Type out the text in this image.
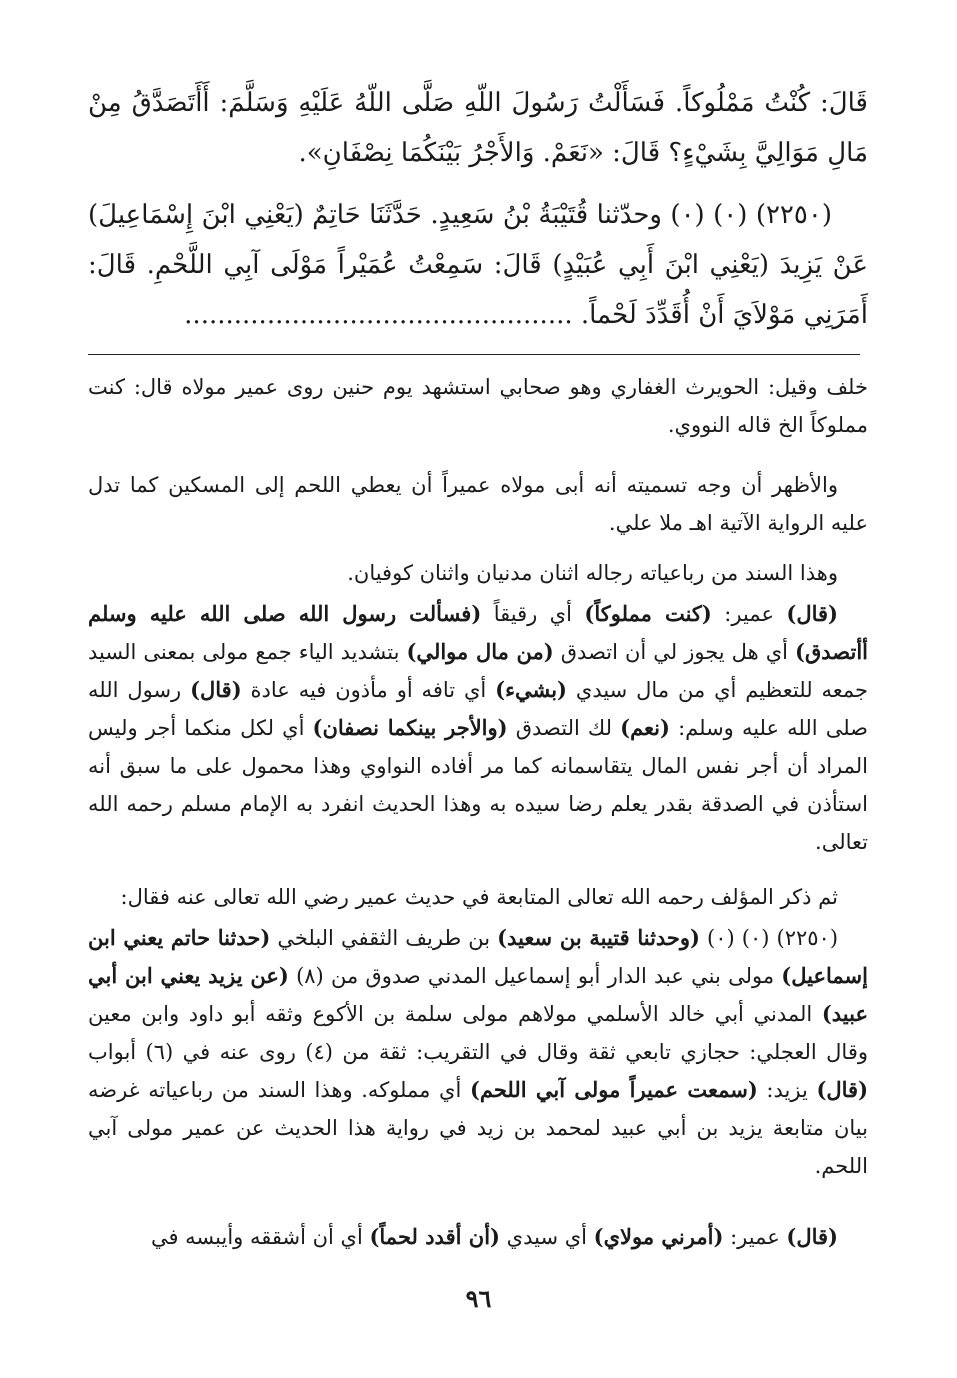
قَالَ: كُنْتُ مَمْلُوكاً. فَسَأَلْتُ رَسُولَ اللّهِ صَلَّى اللّهُ عَلَيْهِ وَسَلَّمَ: أَأَتَصَدَّقُ مِنْ مَالِ مَوَالِيَّ بِشَيْءٍ؟ قَالَ: «نَعَمْ. وَالأَجْرُ بَيْنَكُمَا نِصْفَانِ».

(٢٢٥٠) (٠) (٠) وحدّثنا قُتَيْبَةُ بْنُ سَعِيدٍ. حَدَّثَنَا حَاتِمٌ (يَعْنِي ابْنَ إِسْمَاعِيلَ) عَنْ يَزِيدَ (يَعْنِي ابْنَ أَبِي عُبَيْدٍ) قَالَ: سَمِعْتُ عُمَيْراً مَوْلَى آبِي اللَّحْمِ. قَالَ: أَمَرَنِي مَوْلاَيَ أَنْ أُقَدِّدَ لَحْماً. ...............................................

خلف وقيل: الحويرث الغفاري وهو صحابي استشهد يوم حنين روى عمير مولاه قال: كنت مملوكاً الخ قاله النووي.

والأظهر أن وجه تسميته أنه أبى مولاه عميراً أن يعطي اللحم إلى المسكين كما تدل عليه الرواية الآتية اهـ ملا علي.

وهذا السند من رباعياته رجاله اثنان مدنيان واثنان كوفيان.

(قال) عمير: (كنت مملوكاً) أي رقيقاً (فسألت رسول الله صلى الله عليه وسلم أأتصدق) أي هل يجوز لي أن اتصدق (من مال موالي) بتشديد الياء جمع مولى بمعنى السيد جمعه للتعظيم أي من مال سيدي (بشيء) أي تافه أو مأذون فيه عادة (قال) رسول الله صلى الله عليه وسلم: (نعم) لك التصدق (والأجر بينكما نصفان) أي لكل منكما أجر وليس المراد أن أجر نفس المال يتقاسمانه كما مر أفاده النواوي وهذا محمول على ما سبق أنه استأذن في الصدقة بقدر يعلم رضا سيده به وهذا الحديث انفرد به الإمام مسلم رحمه الله تعالى.

ثم ذكر المؤلف رحمه الله تعالى المتابعة في حديث عمير رضي الله تعالى عنه فقال:

(٢٢٥٠) (٠) (٠) (وحدثنا قتيبة بن سعيد) بن طريف الثقفي البلخي (حدثنا حاتم يعني ابن إسماعيل) مولى بني عبد الدار أبو إسماعيل المدني صدوق من (٨) (عن يزيد يعني ابن أبي عبيد) المدني أبي خالد الأسلمي مولاهم مولى سلمة بن الأكوع وثقه أبو داود وابن معين وقال العجلي: حجازي تابعي ثقة وقال في التقريب: ثقة من (٤) روى عنه في (٦) أبواب (قال) يزيد: (سمعت عميراً مولى آبي اللحم) أي مملوكه. وهذا السند من رباعياته غرضه بيان متابعة يزيد بن أبي عبيد لمحمد بن زيد في رواية هذا الحديث عن عمير مولى آبي اللحم.

(قال) عمير: (أمرني مولاي) أي سيدي (أن أقدد لحماً) أي أن أشققه وأيبسه في

٩٦
